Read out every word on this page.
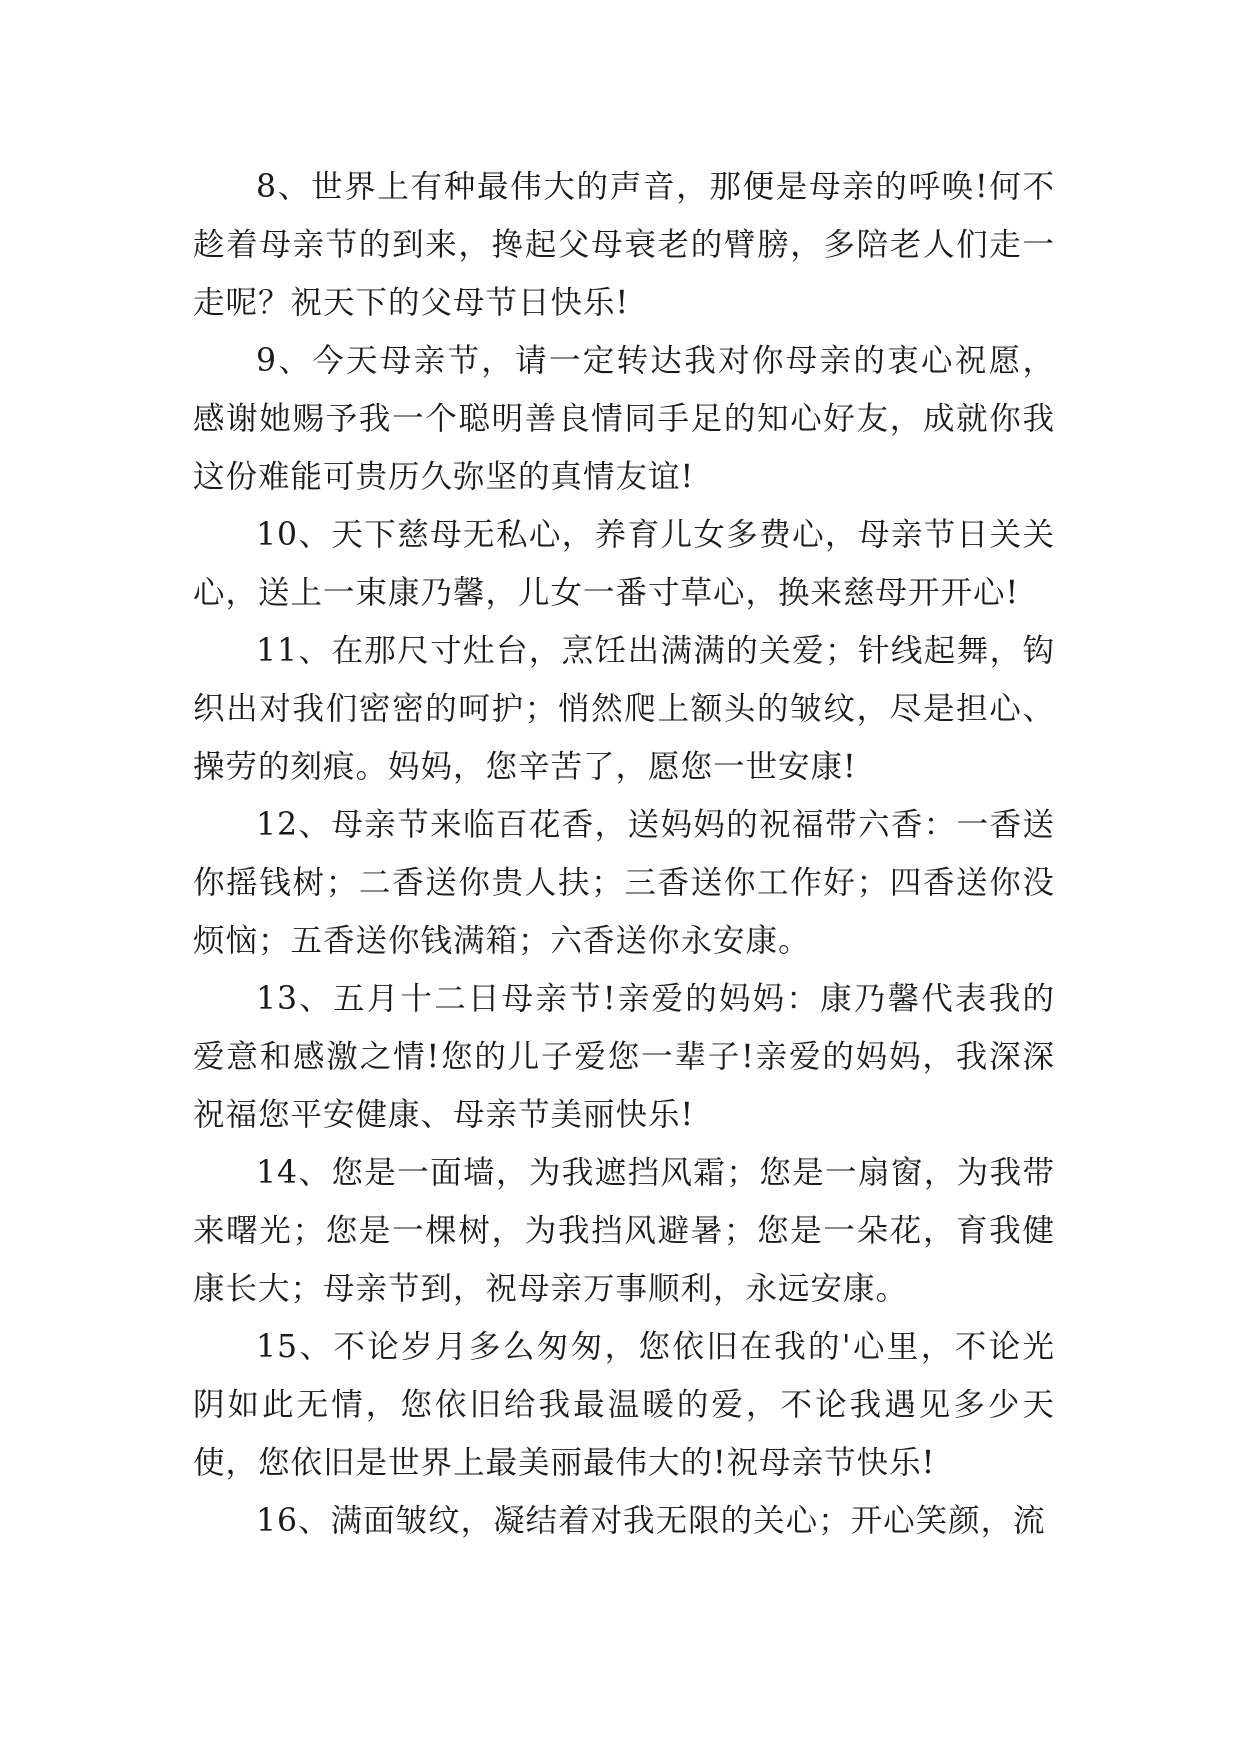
8、世界上有种最伟大的声音，那便是母亲的呼唤!何不趁着母亲节的到来，搀起父母衰老的臂膀，多陪老人们走一走呢？祝天下的父母节日快乐!

9、今天母亲节，请一定转达我对你母亲的衷心祝愿，感谢她赐予我一个聪明善良情同手足的知心好友，成就你我这份难能可贵历久弥坚的真情友谊!

10、天下慈母无私心，养育儿女多费心，母亲节日关关心，送上一束康乃馨，儿女一番寸草心，换来慈母开开心!

11、在那尺寸灶台，烹饪出满满的关爱；针线起舞，钩织出对我们密密的呵护；悄然爬上额头的皱纹，尽是担心、操劳的刻痕。妈妈，您辛苦了，愿您一世安康!

12、母亲节来临百花香，送妈妈的祝福带六香：一香送你摇钱树；二香送你贵人扶；三香送你工作好；四香送你没烦恼；五香送你钱满箱；六香送你永安康。

13、五月十二日母亲节!亲爱的妈妈：康乃馨代表我的爱意和感激之情!您的儿子爱您一辈子!亲爱的妈妈，我深深祝福您平安健康、母亲节美丽快乐!

14、您是一面墙，为我遮挡风霜；您是一扇窗，为我带来曙光；您是一棵树，为我挡风避暑；您是一朵花，育我健康长大；母亲节到，祝母亲万事顺利，永远安康。

15、不论岁月多么匆匆，您依旧在我的'心里，不论光阴如此无情，您依旧给我最温暖的爱，不论我遇见多少天使，您依旧是世界上最美丽最伟大的!祝母亲节快乐!

16、满面皱纹，凝结着对我无限的关心；开心笑颜，流
